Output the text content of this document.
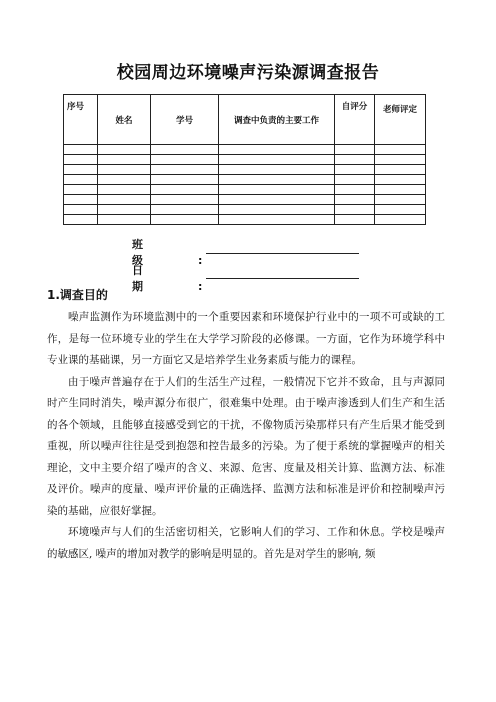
校园周边环境噪声污染源调查报告
序号	姓名	学号	调查中负责的主要工作	自评分	老师评定

班 级	:
日 期	:
1.调查目的

噪声监测作为环境监测中的一个重要因素和环境保护行业中的一项不可或缺的工作，是每一位环境专业的学生在大学学习阶段的必修课。一方面，它作为环境学科中专业课的基础课，另一方面它又是培养学生业务素质与能力的课程。

由于噪声普遍存在于人们的生活生产过程，一般情况下它并不致命，且与声源同时产生同时消失，噪声源分布很广，很难集中处理。由于噪声渗透到人们生产和生活的各个领域，且能够直接感受到它的干扰，不像物质污染那样只有产生后果才能受到重视，所以噪声往往是受到抱怨和控告最多的污染。为了便于系统的掌握噪声的相关理论，文中主要介绍了噪声的含义、来源、危害、度量及相关计算、监测方法、标准及评价。噪声的度量、噪声评价量的正确选择、监测方法和标准是评价和控制噪声污染的基础，应很好掌握。

环境噪声与人们的生活密切相关，它影响人们的学习、工作和休息。学校是噪声的敏感区, 噪声的增加对教学的影响是明显的。首先是对学生的影响, 频
